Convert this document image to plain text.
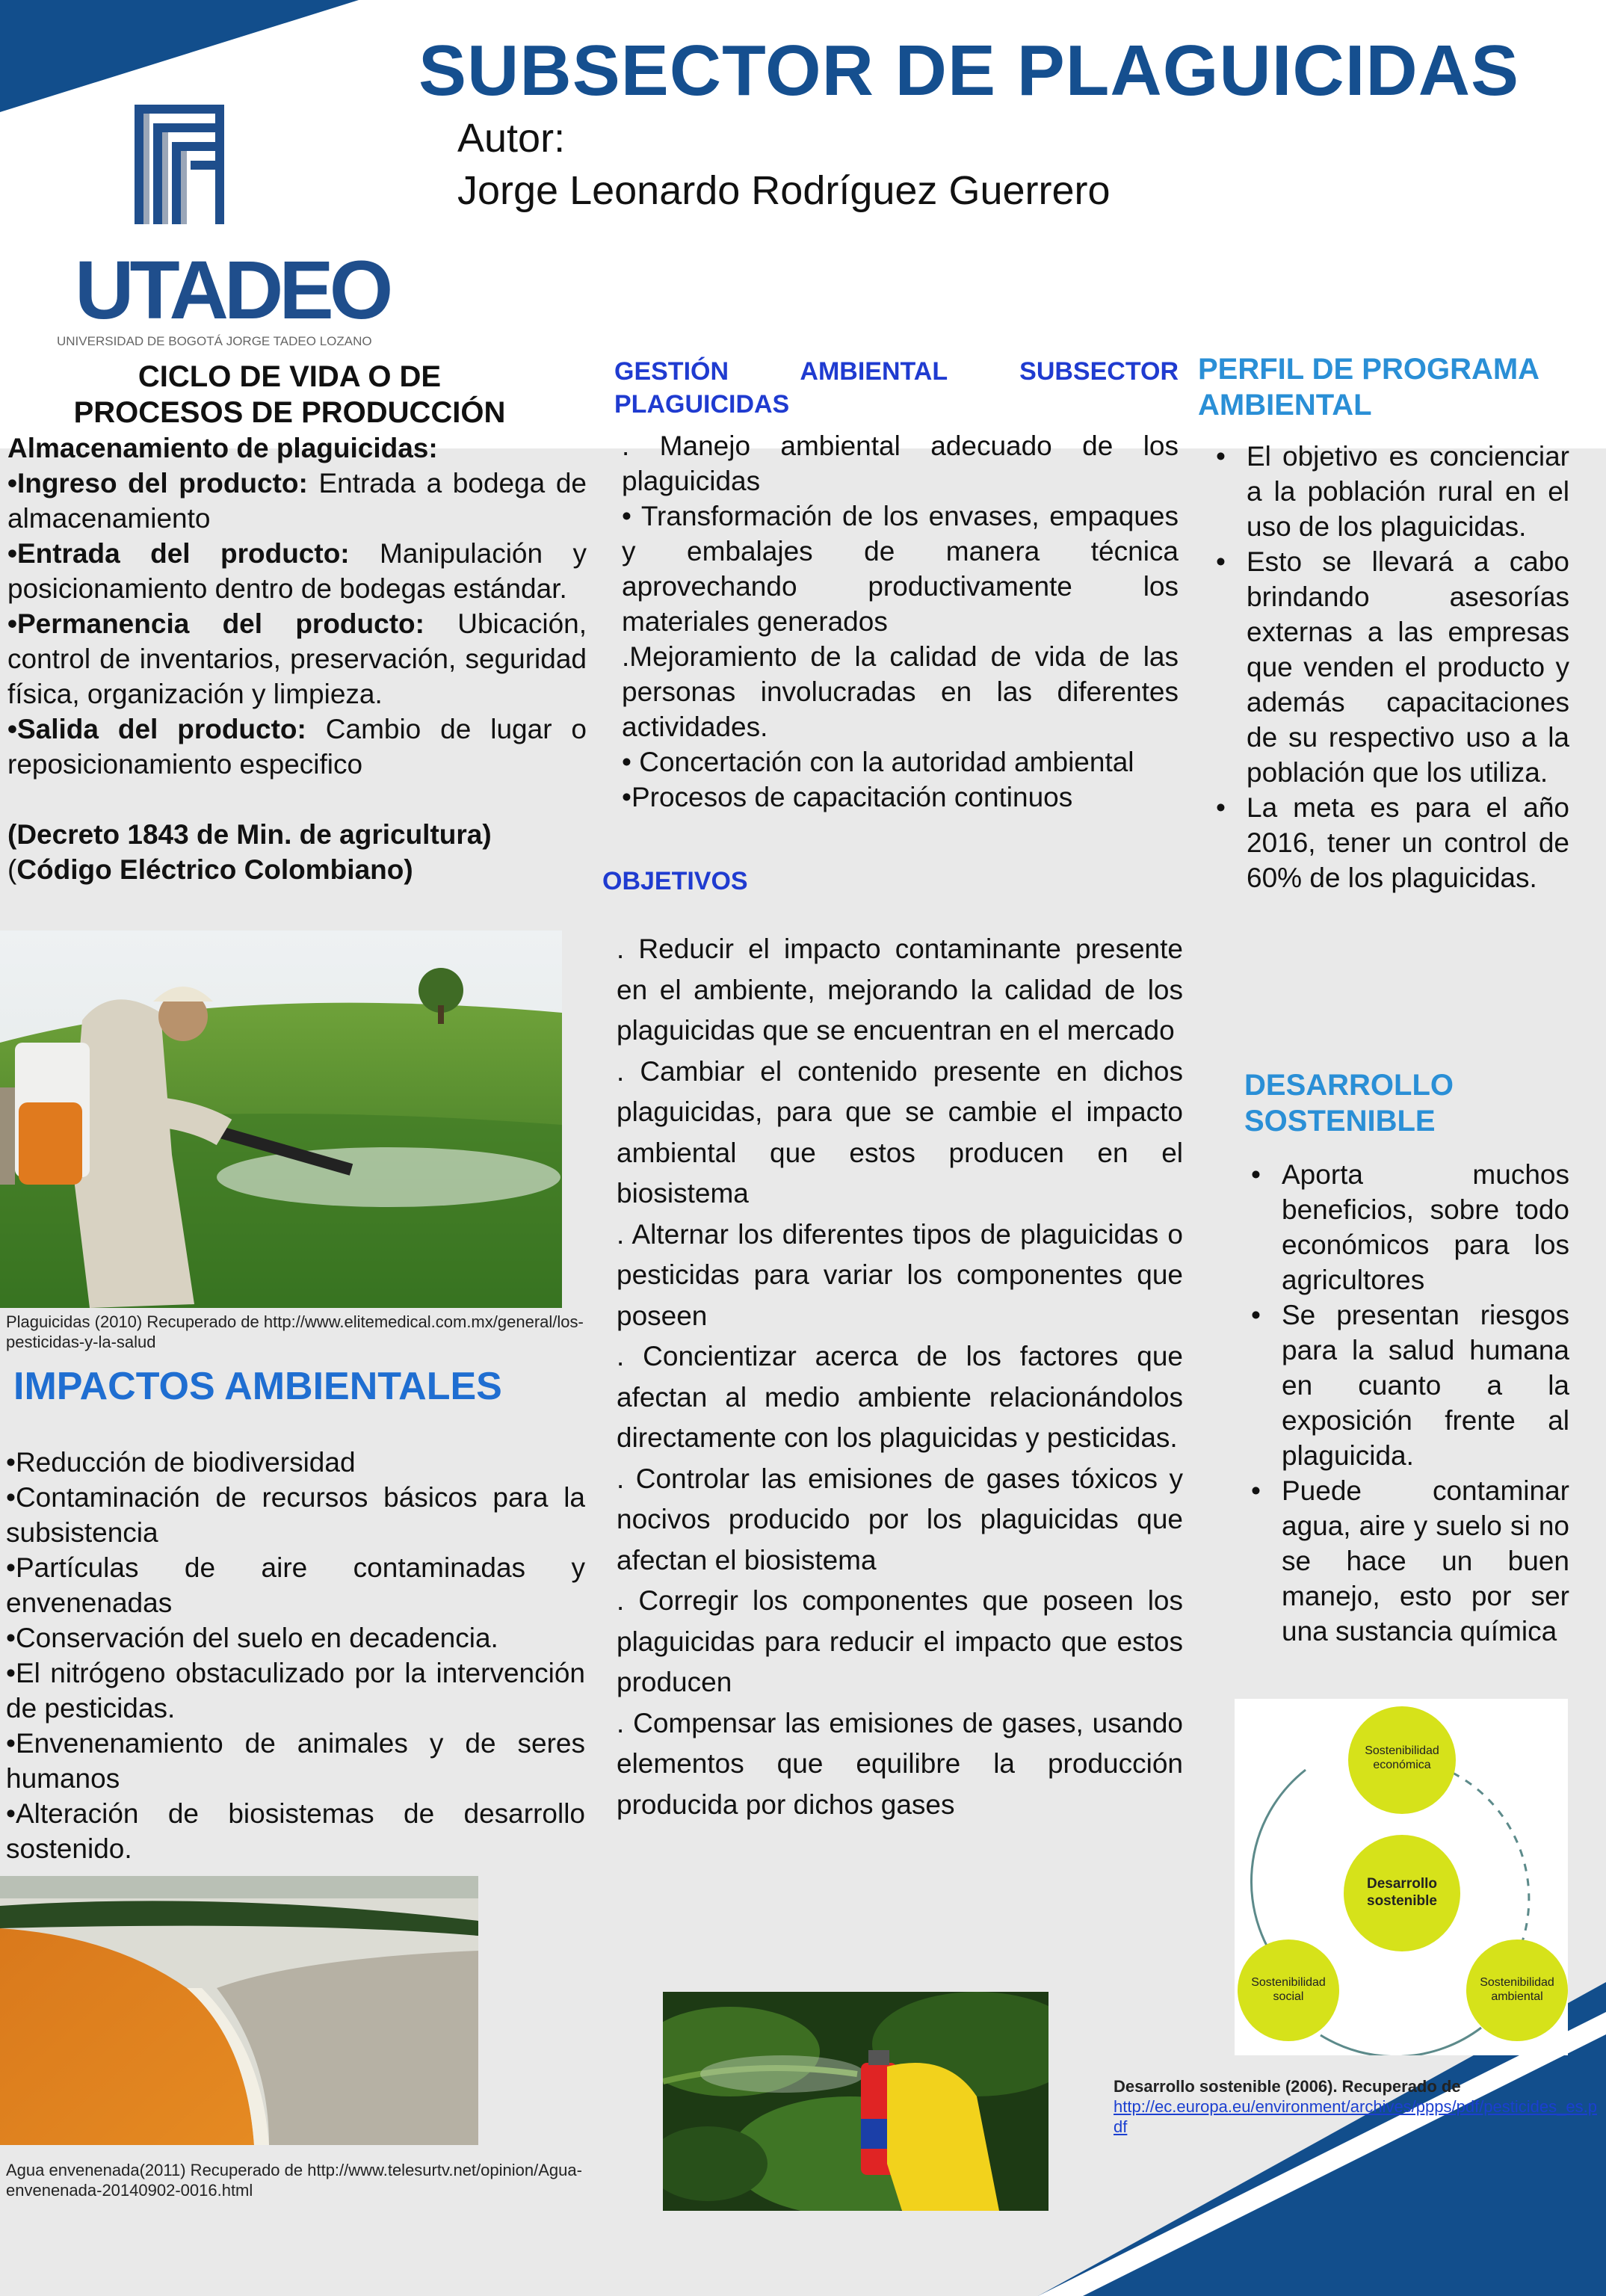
UTADEO
UNIVERSIDAD DE BOGOTÁ JORGE TADEO LOZANO
SUBSECTOR DE PLAGUICIDAS
Autor:
Jorge Leonardo Rodríguez Guerrero
CICLO DE VIDA O DE
PROCESOS DE PRODUCCIÓN
Almacenamiento de plaguicidas:
•Ingreso del producto: Entrada a bodega de almacenamiento
•Entrada del producto: Manipulación y posicionamiento dentro de bodegas estándar.
•Permanencia del producto: Ubicación, control de inventarios, preservación, seguridad física, organización y limpieza.
•Salida del producto: Cambio de lugar o reposicionamiento especifico
(Decreto 1843 de Min. de agricultura)
(Código Eléctrico Colombiano)
Plaguicidas (2010) Recuperado de http://www.elitemedical.com.mx/general/los-pesticidas-y-la-salud
IMPACTOS AMBIENTALES
•Reducción de biodiversidad
•Contaminación de recursos básicos para la subsistencia
•Partículas de aire contaminadas y envenenadas
•Conservación del suelo en decadencia.
•El nitrógeno obstaculizado por la intervención de pesticidas.
•Envenenamiento de animales y de seres humanos
•Alteración de biosistemas de desarrollo sostenido.
Agua envenenada(2011) Recuperado de http://www.telesurtv.net/opinion/Agua-envenenada-20140902-0016.html
GESTIÓN AMBIENTAL SUBSECTOR PLAGUICIDAS
. Manejo ambiental adecuado de los plaguicidas
• Transformación de los envases, empaques y embalajes de manera técnica aprovechando productivamente los materiales generados
.Mejoramiento de la calidad de vida de las personas involucradas en las diferentes actividades.
• Concertación con la autoridad ambiental
•Procesos de capacitación continuos
OBJETIVOS
. Reducir el impacto contaminante presente en el ambiente, mejorando la calidad de los plaguicidas que se encuentran en el mercado
. Cambiar el contenido presente en dichos plaguicidas, para que se cambie el impacto ambiental que estos producen en el biosistema
. Alternar los diferentes tipos de plaguicidas o pesticidas para variar los componentes que poseen
. Concientizar acerca de los factores que afectan al medio ambiente relacionándolos directamente con los plaguicidas y pesticidas.
. Controlar las emisiones de gases tóxicos y nocivos producido por los plaguicidas que afectan el biosistema
. Corregir los componentes que poseen los plaguicidas para reducir el impacto que estos producen
. Compensar las emisiones de gases, usando elementos que equilibre la producción producida por dichos gases
PERFIL DE PROGRAMA AMBIENTAL
• El objetivo es concienciar a la población rural en el uso de los plaguicidas.
• Esto se llevará a cabo brindando asesorías externas a las empresas que venden el producto y además capacitaciones de su respectivo uso a la población que los utiliza.
• La meta es para el año 2016, tener un control de 60% de los plaguicidas.
DESARROLLO SOSTENIBLE
• Aporta muchos beneficios, sobre todo económicos para los agricultores
• Se presentan riesgos para la salud humana en cuanto a la exposición frente al plaguicida.
• Puede contaminar agua, aire y suelo si no se hace un buen manejo, esto por ser una sustancia química
Sostenibilidad
económica
Desarrollo
sostenible
Sostenibilidad
social
Sostenibilidad
ambiental
Desarrollo sostenible (2006). Recuperado de
http://ec.europa.eu/environment/archives/ppps/pdf/pesticides_es.pdf
